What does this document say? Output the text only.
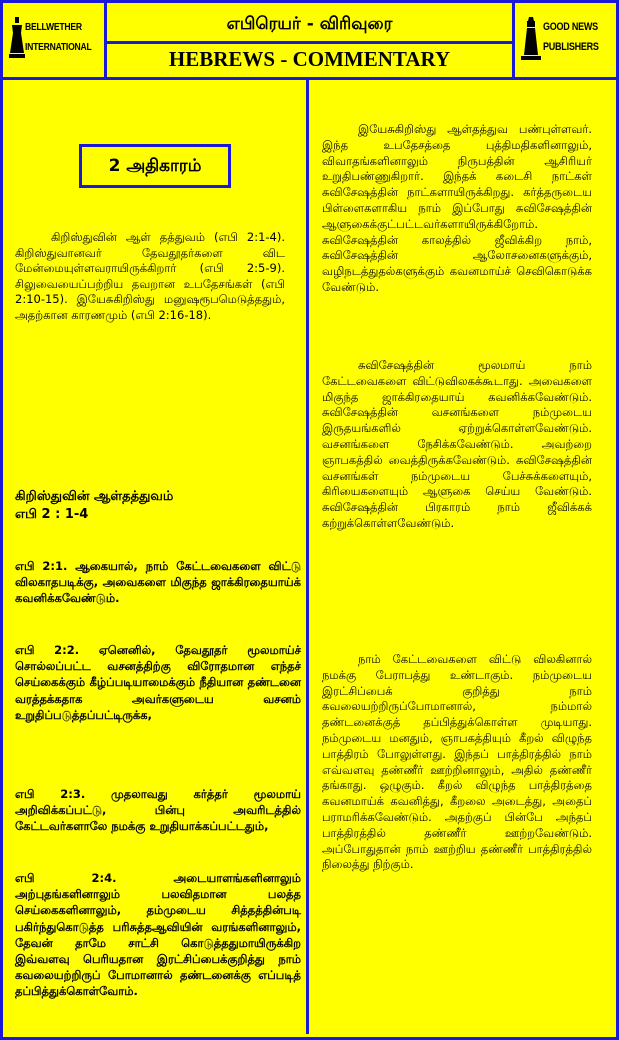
BELLWETHER
INTERNATIONAL
எபிரெயர் - விரிவுரை
HEBREWS - COMMENTARY
GOOD NEWS
PUBLISHERS
2 அதிகாரம்
கிறிஸ்துவின் ஆள் தத்துவம் (எபி 2:1-4). கிறிஸ்துவானவர் தேவதூதர்களை விட மேன்மையுள்ளவராயிருக்கிறார் (எபி 2:5-9). சிலுவையைப்பற்றிய தவறான உபதேசங்கள் (எபி 2:10-15). இயேசுகிறிஸ்து மனுஷரூபமெடுத்ததும், அதற்கான காரணமும் (எபி 2:16-18).
கிறிஸ்துவின் ஆள்தத்துவம்
எபி 2 : 1-4
எபி 2:1. ஆகையால், நாம் கேட்டவைகளை விட்டு விலகாதபடிக்கு, அவைகளை மிகுந்த ஜாக்கிரதையாய்க் கவனிக்கவேண்டும்.
எபி 2:2. ஏனெனில், தேவதூதர் மூலமாய்ச் சொல்லப்பட்ட வசனத்திற்கு விரோதமான எந்தச் செய்கைக்கும் கீழ்ப்படியாமைக்கும் நீதியான தண்டனை வரத்தக்கதாக அவர்களுடைய வசனம் உறுதிப்படுத்தப்பட்டிருக்க,
எபி 2:3. முதலாவது கர்த்தர் மூலமாய் அறிவிக்கப்பட்டு, பின்பு அவரிடத்தில் கேட்டவர்களாலே நமக்கு உறுதியாக்கப்பட்டதும்,
எபி 2:4. அடையாளங்களினாலும் அற்புதங்களினாலும் பலவிதமான பலத்த செய்கைகளினாலும், தம்முடைய சித்தத்தின்படி பகிர்ந்துகொடுத்த பரிசுத்தஆவியின் வரங்களினாலும், தேவன் தாமே சாட்சி கொடுத்ததுமாயிருக்கிற இவ்வளவு பெரியதான இரட்சிப்பைக்குறித்து நாம் கவலையற்றிருப் போமானால் தண்டனைக்கு எப்படித் தப்பித்துக்கொள்வோம்.
இயேசுகிறிஸ்து ஆள்தத்துவ பண்புள்ளவர். இந்த உபதேசத்தை புத்திமதிகளினாலும், விவாதங்களினாலும் நிருபத்தின் ஆசிரியர் உறுதிபண்ணுகிறார். இந்தக் கடைசி நாட்கள் சுவிசேஷத்தின் நாட்களாயிருக்கிறது. கர்த்தருடைய பிள்ளைகளாகிய நாம் இப்போது சுவிசேஷத்தின் ஆளுகைக்குட்பட்டவர்களாயிருக்கிறோம். சுவிசேஷத்தின் காலத்தில் ஜீவிக்கிற நாம், சுவிசேஷத்தின் ஆலோசனைகளுக்கும், வழிநடத்துதல்களுக்கும் கவனமாய்ச் செவிகொடுக்க வேண்டும்.
சுவிசேஷத்தின் மூலமாய் நாம் கேட்டவைகளை விட்டுவிலகக்கூடாது. அவைகளை மிகுந்த ஜாக்கிரதையாய் கவனிக்கவேண்டும். சுவிசேஷத்தின் வசனங்களை நம்முடைய இருதயங்களில் ஏற்றுக்கொள்ளவேண்டும். வசனங்களை நேசிக்கவேண்டும். அவற்றை ஞாபகத்தில் வைத்திருக்கவேண்டும். சுவிசேஷத்தின் வசனங்கள் நம்முடைய பேச்சுக்களையும், கிரியைகளையும் ஆளுகை செய்ய வேண்டும். சுவிசேஷத்தின் பிரகாரம் நாம் ஜீவிக்கக் கற்றுக்கொள்ளவேண்டும்.
நாம் கேட்டவைகளை விட்டு விலகினால் நமக்கு பேராபத்து உண்டாகும். நம்முடைய இரட்சிப்பைக் குறித்து நாம் கவலையற்றிருப்போமானால், நம்மால் தண்டனைக்குத் தப்பித்துக்கொள்ள முடியாது. நம்முடைய மனதும், ஞாபகத்தியும் கீறல் விழுந்த பாத்திரம் போலுள்ளது. இந்தப் பாத்திரத்தில் நாம் எவ்வளவு தண்ணீர் ஊற்றினாலும், அதில் தண்ணீர் தங்காது. ஒழுகும். கீறல் விழுந்த பாத்திரத்தை கவனமாய்க் கவனித்து, கீறலை அடைத்து, அதைப் பராமரிக்கவேண்டும். அதற்குப் பின்பே அந்தப் பாத்திரத்தில் தண்ணீர் ஊற்றவேண்டும். அப்போதுதான் நாம் ஊற்றிய தண்ணீர் பாத்திரத்தில் நிலைத்து நிற்கும்.
